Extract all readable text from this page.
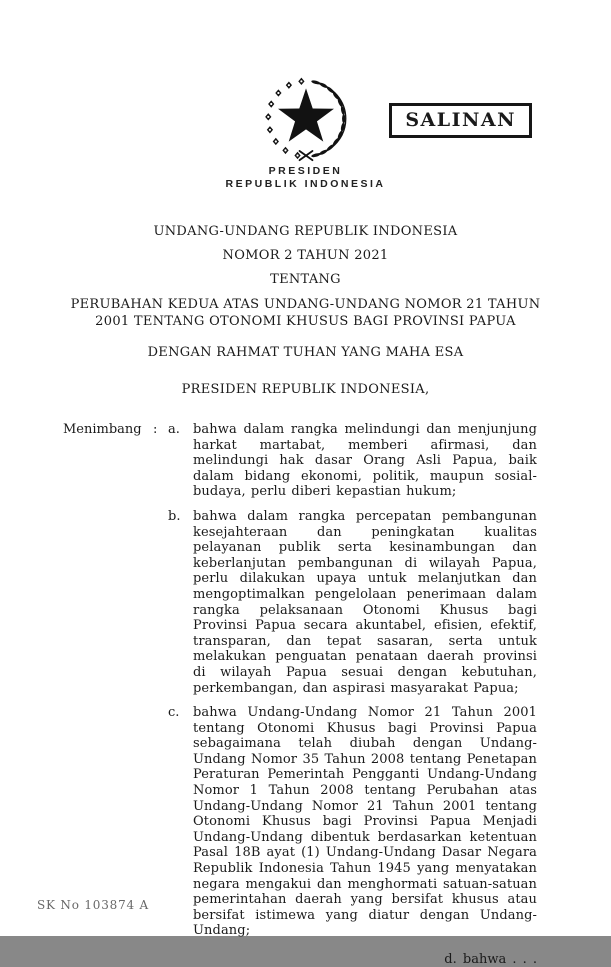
PRESIDEN
REPUBLIK INDONESIA
SALINAN

UNDANG-UNDANG REPUBLIK INDONESIA

NOMOR 2 TAHUN 2021

TENTANG

PERUBAHAN KEDUA ATAS UNDANG-UNDANG NOMOR 21 TAHUN 2001 TENTANG OTONOMI KHUSUS BAGI PROVINSI PAPUA

DENGAN RAHMAT TUHAN YANG MAHA ESA

PRESIDEN REPUBLIK INDONESIA,

Menimbang : a.	bahwa dalam rangka melindungi dan menjunjung harkat martabat, memberi afirmasi, dan melindungi hak dasar Orang Asli Papua, baik dalam bidang ekonomi, politik, maupun sosial-budaya, perlu diberi kepastian hukum;

b. bahwa dalam rangka percepatan pembangunan kesejahteraan dan peningkatan kualitas pelayanan publik serta kesinambungan dan keberlanjutan pembangunan di wilayah Papua, perlu dilakukan upaya untuk melanjutkan dan mengoptimalkan pengelolaan penerimaan dalam rangka pelaksanaan Otonomi Khusus bagi Provinsi Papua secara akuntabel, efisien, efektif, transparan, dan tepat sasaran, serta untuk melakukan penguatan penataan daerah provinsi di wilayah Papua sesuai dengan kebutuhan, perkembangan, dan aspirasi masyarakat Papua;

c.	bahwa Undang-Undang Nomor 21 Tahun 2001 tentang Otonomi Khusus bagi Provinsi Papua sebagaimana telah diubah dengan Undang-Undang Nomor 35 Tahun 2008 tentang Penetapan Peraturan Pemerintah Pengganti Undang-Undang Nomor 1 Tahun 2008 tentang Perubahan atas Undang-Undang Nomor 21 Tahun 2001 tentang Otonomi Khusus bagi Provinsi Papua Menjadi Undang-Undang dibentuk berdasarkan ketentuan Pasal 18B ayat (1) Undang-Undang Dasar Negara Republik Indonesia Tahun 1945 yang menyatakan negara mengakui dan menghormati satuan-satuan pemerintahan daerah yang bersifat khusus atau bersifat istimewa yang diatur dengan Undang-Undang;

d. bahwa . . .
SK No 103874 A
